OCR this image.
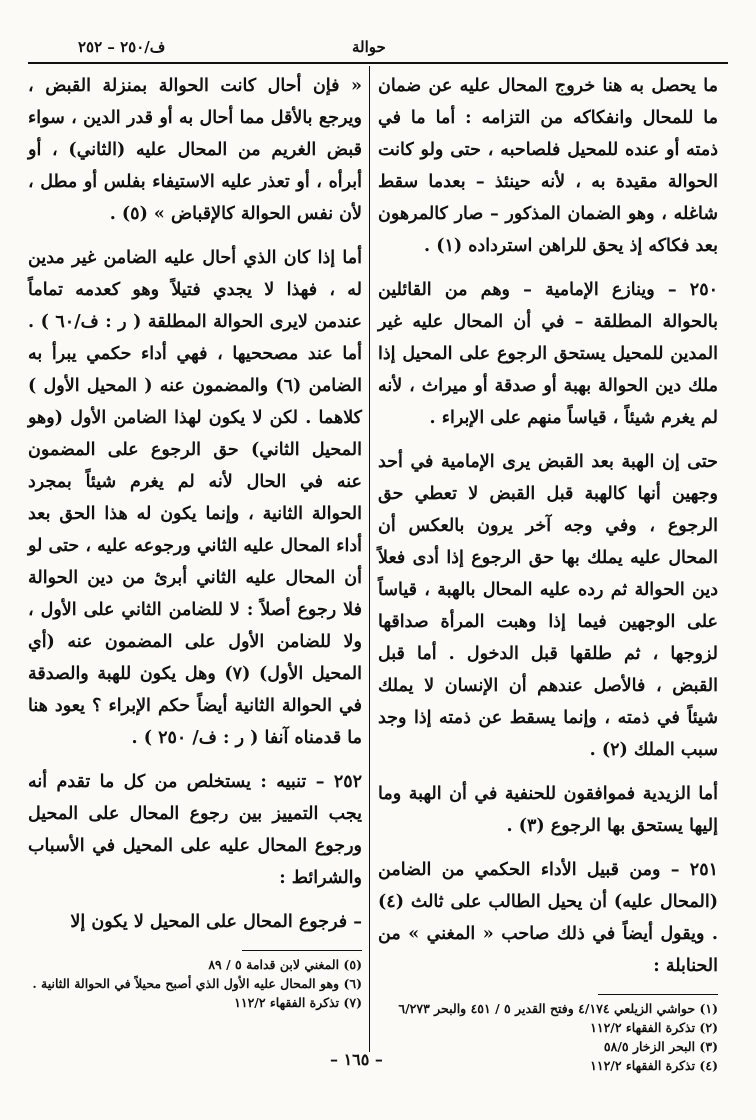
ف/٢٥٠ – ٢٥٢	حوالة

ما يحصل به هنا خروج المحال عليه عن ضمان ما للمحال وانفكاكه من التزامه : أما ما في ذمته أو عنده للمحيل فلصاحبه ، حتى ولو كانت الحوالة مقيدة به ، لأنه حينئذ – بعدما سقط شاغله ، وهو الضمان المذكور – صار كالمرهون بعد فكاكه إذ يحق للراهن استرداده (١) .

٢٥٠ – وينازع الإمامية – وهم من القائلين بالحوالة المطلقة – في أن المحال عليه غير المدين للمحيل يستحق الرجوع على المحيل إذا ملك دين الحوالة بهبة أو صدقة أو ميراث ، لأنه لم يغرم شيئاً ، قياساً منهم على الإبراء .

حتى إن الهبة بعد القبض يرى الإمامية في أحد وجهين أنها كالهبة قبل القبض لا تعطي حق الرجوع ، وفي وجه آخر يرون بالعكس أن المحال عليه يملك بها حق الرجوع إذا أدى فعلاً دين الحوالة ثم رده عليه المحال بالهبة ، قياساً على الوجهين فيما إذا وهبت المرأة صداقها لزوجها ، ثم طلقها قبل الدخول . أما قبل القبض ، فالأصل عندهم أن الإنسان لا يملك شيئاً في ذمته ، وإنما يسقط عن ذمته إذا وجد سبب الملك (٢) .

أما الزيدية فموافقون للحنفية في أن الهبة وما إليها يستحق بها الرجوع (٣) .

٢٥١ – ومن قبيل الأداء الحكمي من الضامن (المحال عليه) أن يحيل الطالب على ثالث (٤) . ويقول أيضاً في ذلك صاحب « المغني » من الحنابلة :

(١) حواشي الزيلعي ٤/١٧٤ وفتح القدير ٥ / ٤٥١ والبحر ٦/٢٧٣
(٢) تذكرة الفقهاء ١١٢/٢
(٣) البحر الزخار ٥٨/٥
(٤) تذكرة الفقهاء ١١٢/٢

« فإن أحال كانت الحوالة بمنزلة القبض ، ويرجع بالأقل مما أحال به أو قدر الدين ، سواء قبض الغريم من المحال عليه (الثاني) ، أو أبرأه ، أو تعذر عليه الاستيفاء بفلس أو مطل ، لأن نفس الحوالة كالإقباض » (٥) .

أما إذا كان الذي أحال عليه الضامن غير مدين له ، فهذا لا يجدي فتيلاً وهو كعدمه تماماً عندمن لايرى الحوالة المطلقة ( ر : ف/٦٠ ) . أما عند مصححيها ، فهي أداء حكمي يبرأ به الضامن (٦) والمضمون عنه ( المحيل الأول ) كلاهما . لكن لا يكون لهذا الضامن الأول (وهو المحيل الثاني) حق الرجوع على المضمون عنه في الحال لأنه لم يغرم شيئاً بمجرد الحوالة الثانية ، وإنما يكون له هذا الحق بعد أداء المحال عليه الثاني ورجوعه عليه ، حتى لو أن المحال عليه الثاني أبرئ من دين الحوالة فلا رجوع أصلاً : لا للضامن الثاني على الأول ، ولا للضامن الأول على المضمون عنه (أي المحيل الأول) (٧) وهل يكون للهبة والصدقة في الحوالة الثانية أيضاً حكم الإبراء ؟ يعود هنا ما قدمناه آنفا ( ر : ف/ ٢٥٠ ) .

٢٥٢ – تنبيه : يستخلص من كل ما تقدم أنه يجب التمييز بين رجوع المحال على المحيل ورجوع المحال عليه على المحيل في الأسباب والشرائط :

– فرجوع المحال على المحيل لا يكون إلا

(٥) المغني لابن قدامة ٥ / ٨٩
(٦) وهو المحال عليه الأول الذي أصبح محيلاً في الحوالة الثانية .
(٧) تذكرة الفقهاء ١١٢/٢
– ١٦٥ –
